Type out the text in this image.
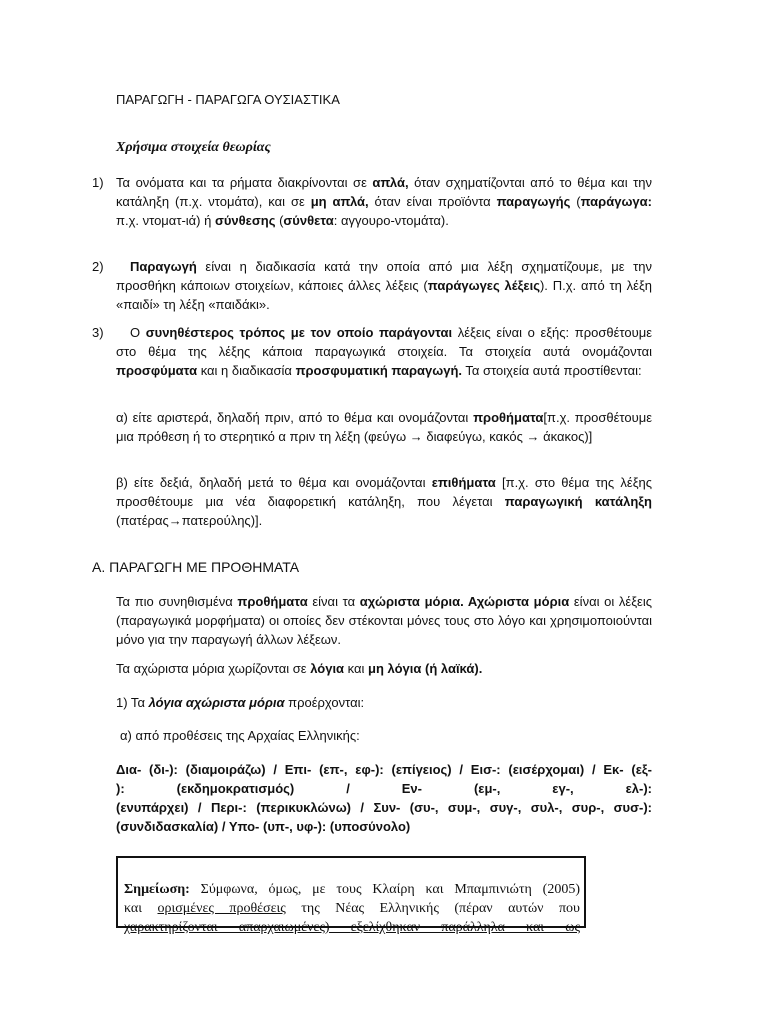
ΠΑΡΑΓΩΓΗ - ΠΑΡΑΓΩΓΑ ΟΥΣΙΑΣΤΙΚΑ
Χρήσιμα στοιχεία θεωρίας
1) Τα ονόματα και τα ρήματα διακρίνονται σε απλά, όταν σχηματίζονται από το θέμα και την κατάληξη (π.χ. ντομάτα), και σε μη απλά, όταν είναι προϊόντα παραγωγής (παράγωγα: π.χ. ντοματ-ιά) ή σύνθεσης (σύνθετα: αγγουρο-ντομάτα).
2)	Παραγωγή είναι η διαδικασία κατά την οποία από μια λέξη σχηματίζουμε, με την προσθήκη κάποιων στοιχείων, κάποιες άλλες λέξεις (παράγωγες λέξεις). Π.χ. από τη λέξη «παιδί» τη λέξη «παιδάκι».
3)	Ο συνηθέστερος τρόπος με τον οποίο παράγονται λέξεις είναι ο εξής: προσθέτουμε στο θέμα της λέξης κάποια παραγωγικά στοιχεία. Τα στοιχεία αυτά ονομάζονται προσφύματα και η διαδικασία προσφυματική παραγωγή. Τα στοιχεία αυτά προστίθενται:
α) είτε αριστερά, δηλαδή πριν, από το θέμα και ονομάζονται προθήματα[π.χ. προσθέτουμε μια πρόθεση ή το στερητικό α πριν τη λέξη (φεύγω → διαφεύγω, κακός → άκακος)]
β) είτε δεξιά, δηλαδή μετά το θέμα και ονομάζονται επιθήματα [π.χ. στο θέμα της λέξης προσθέτουμε μια νέα διαφορετική κατάληξη, που λέγεται παραγωγική κατάληξη (πατέρας→πατερούλης)].
Α. ΠΑΡΑΓΩΓΗ ΜΕ ΠΡΟΘΗΜΑΤΑ
Τα πιο συνηθισμένα προθήματα είναι τα αχώριστα μόρια. Αχώριστα μόρια είναι οι λέξεις (παραγωγικά μορφήματα) οι οποίες δεν στέκονται μόνες τους στο λόγο και χρησιμοποιούνται μόνο για την παραγωγή άλλων λέξεων.
Τα αχώριστα μόρια χωρίζονται σε λόγια και μη λόγια (ή λαϊκά).
1) Τα λόγια αχώριστα μόρια προέρχονται:
α) από προθέσεις της Αρχαίας Ελληνικής:
Δια- (δι-): (διαμοιράζω) / Επι- (επ-, εφ-): (επίγειος) / Εισ-: (εισέρχομαι) / Εκ- (εξ-
): (εκδημοκρατισμός) / Εν- (εμ-, εγ-, ελ-):
(ενυπάρχει) / Περι-: (περικυκλώνω) / Συν- (συ-, συμ-, συγ-, συλ-, συρ-, συσ-):
(συνδιδασκαλία) / Υπο- (υπ-, υφ-): (υποσύνολο)
Σημείωση: Σύμφωνα, όμως, με τους Κλαίρη και Μπαμπινιώτη (2005)
και ορισμένες προθέσεις της Νέας Ελληνικής (πέραν αυτών που
χαρακτηρίζονται απαρχαιωμένες) εξελίχθηκαν παράλληλα και ως
